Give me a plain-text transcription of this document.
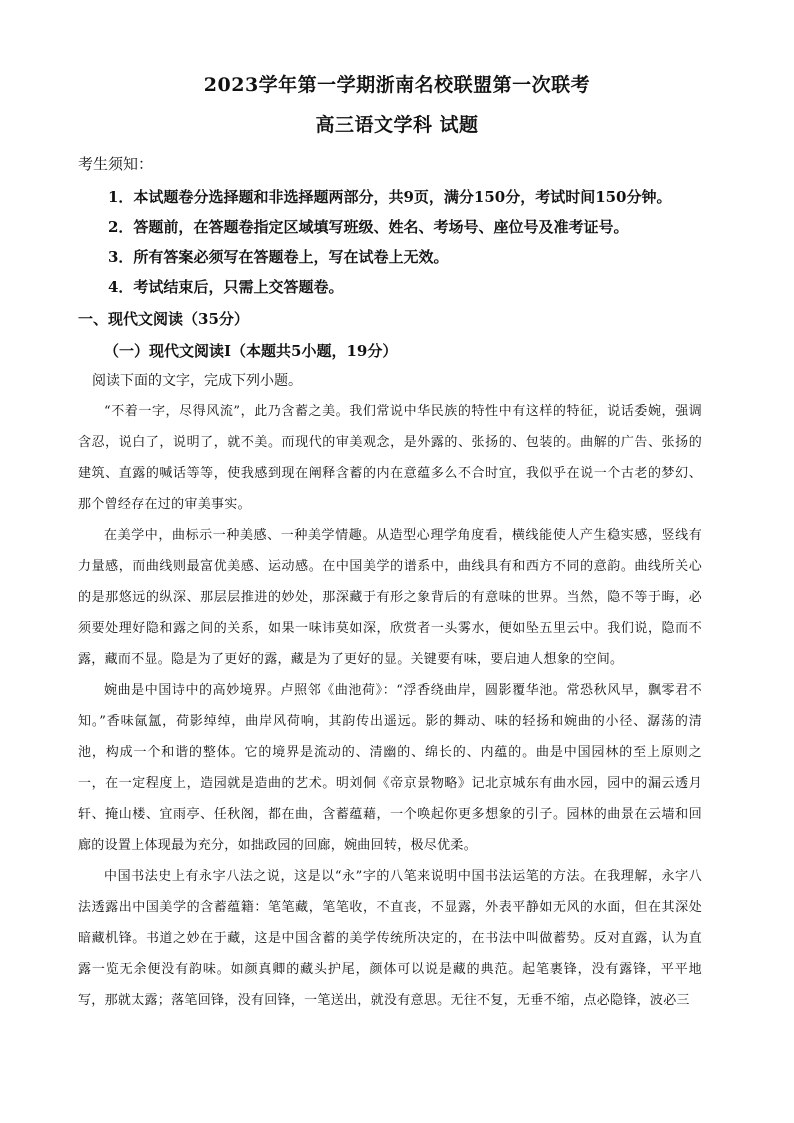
2023学年第一学期浙南名校联盟第一次联考
高三语文学科 试题
考生须知：
1．本试题卷分选择题和非选择题两部分，共9页，满分150分，考试时间150分钟。
2．答题前，在答题卷指定区域填写班级、姓名、考场号、座位号及准考证号。
3．所有答案必须写在答题卷上，写在试卷上无效。
4．考试结束后，只需上交答题卷。
一、现代文阅读（35分）
（一）现代文阅读Ⅰ（本题共5小题，19分）
阅读下面的文字，完成下列小题。

“不着一字，尽得风流”，此乃含蓄之美。我们常说中华民族的特性中有这样的特征，说话委婉，强调含忍，说白了，说明了，就不美。而现代的审美观念，是外露的、张扬的、包装的。曲解的广告、张扬的建筑、直露的喊话等等，使我感到现在阐释含蓄的内在意蕴多么不合时宜，我似乎在说一个古老的梦幻、那个曾经存在过的审美事实。

在美学中，曲标示一种美感、一种美学情趣。从造型心理学角度看，横线能使人产生稳实感，竖线有力量感，而曲线则最富优美感、运动感。在中国美学的谱系中，曲线具有和西方不同的意韵。曲线所关心的是那悠远的纵深、那层层推进的妙处，那深藏于有形之象背后的有意味的世界。当然，隐不等于晦，必须要处理好隐和露之间的关系，如果一味讳莫如深，欣赏者一头雾水，便如坠五里云中。我们说，隐而不露，藏而不显。隐是为了更好的露，藏是为了更好的显。关键要有味，要启迪人想象的空间。

婉曲是中国诗中的高妙境界。卢照邻《曲池荷》：“浮香绕曲岸，圆影覆华池。常恐秋风早，飘零君不知。”香味氤氲，荷影绰绰，曲岸风荷响，其韵传出遥远。影的舞动、味的轻扬和婉曲的小径、潺荡的清池，构成一个和谐的整体。它的境界是流动的、清幽的、绵长的、内蕴的。曲是中国园林的至上原则之一，在一定程度上，造园就是造曲的艺术。明刘侗《帝京景物略》记北京城东有曲水园，园中的漏云透月轩、掩山楼、宜雨亭、任秋阁，都在曲，含蓄蕴藉，一个唤起你更多想象的引子。园林的曲景在云墙和回廊的设置上体现最为充分，如拙政园的回廊，婉曲回转，极尽优柔。

中国书法史上有永字八法之说，这是以“永”字的八笔来说明中国书法运笔的方法。在我理解，永字八法透露出中国美学的含蓄蕴籍：笔笔藏，笔笔收，不直丧，不显露，外表平静如无风的水面，但在其深处暗藏机锋。书道之妙在于藏，这是中国含蓄的美学传统所决定的，在书法中叫做蓄势。反对直露，认为直露一览无余便没有韵味。如颜真卿的藏头护尾，颜体可以说是藏的典范。起笔裹锋，没有露锋，平平地写，那就太露；落笔回锋，没有回锋，一笔送出，就没有意思。无往不复，无垂不缩，点必隐锋，波必三
